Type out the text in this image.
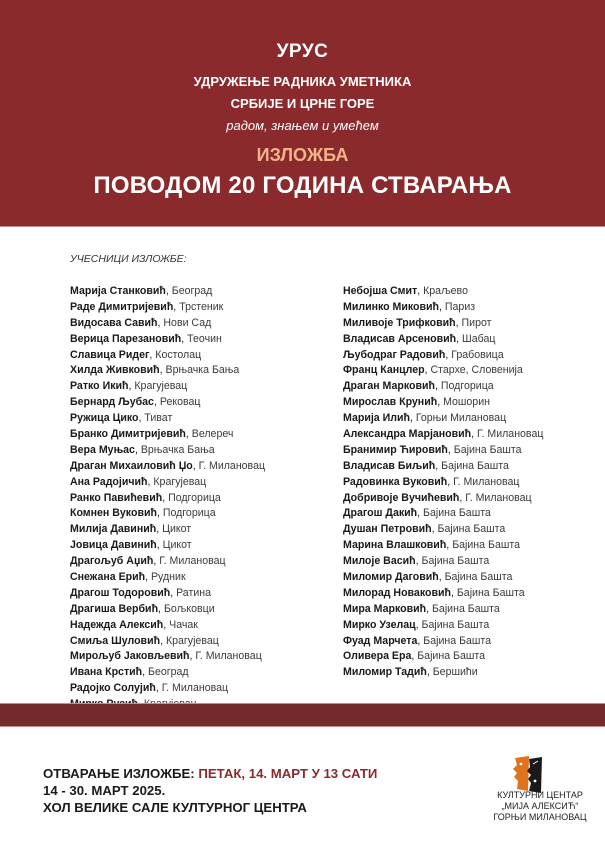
УРУС
УДРУЖЕЊЕ РАДНИКА УМЕТНИКА
СРБИЈЕ И ЦРНЕ ГОРЕ
радом, знањем и умећем
ИЗЛОЖБА
ПОВОДОМ 20 ГОДИНА СТВАРАЊА
УЧЕСНИЦИ ИЗЛОЖБЕ:
Марија Станковић, Београд
Раде Димитријевић, Трстеник
Видосава Савић, Нови Сад
Верица Парезановић, Теочин
Славица Ридег, Костолац
Хилда Живковић, Врњачка Бања
Ратко Икић, Крагујевац
Бернард Љубас, Рековац
Ружица Цико, Тиват
Бранко Димитријевић, Велереч
Вера Муњас, Врњачка Бања
Драган Михаиловић Џо, Г. Милановац
Ана Радојичић, Крагујевац
Ранко Павићевић, Подгорица
Комнен Вуковић, Подгорица
Милија Давинић, Цикот
Јовица Давинић, Цикот
Драгољуб Аџић, Г. Милановац
Снежана Ерић, Рудник
Драгош Тодоровић, Ратина
Драгиша Вербић, Бољковци
Надежда Алексић, Чачак
Смиља Шуловић, Крагујевац
Мирољуб Јаковљевић, Г. Милановац
Ивана Крстић, Београд
Радојко Солујић, Г. Милановац
Небојша Смит, Краљево
Милинко Миковић, Париз
Миливоје Трифковић, Пирот
Владисав Арсеновић, Шабац
Љубодраг Радовић, Грабовица
Франц Канцлер, Стархе, Словенија
Драган Марковић, Подгорица
Мирослав Крунић, Мошорин
Марија Илић, Горњи Милановац
Александра Марјановић, Г. Милановац
Бранимир Ћировић, Бајина Башта
Владисав Биљић, Бајина Башта
Радовинка Вуковић, Г. Милановац
Добривоје Вучићевић, Г. Милановац
Драгош Дакић, Бајина Башта
Душан Петровић, Бајина Башта
Марина Влашковић, Бајина Башта
Милоје Васић, Бајина Башта
Миломир Даговић, Бајина Башта
Милорад Новаковић, Бајина Башта
Мира Марковић, Бајина Башта
Мирко Узелац, Бајина Башта
Фуад Марчета, Бајина Башта
Оливера Ера, Бајина Башта
Миломир Тадић, Бершићи
ОТВАРАЊЕ ИЗЛОЖБЕ: ПЕТАК, 14. МАРТ У 13 САТИ
14 - 30. МАРТ 2025.
ХОЛ ВЕЛИКЕ САЛЕ КУЛТУРНОГ ЦЕНТРА
КУЛТУРНИ ЦЕНТАР
„МИЈА АЛЕКСИЋ“
ГОРЊИ МИЛАНОВАЦ
